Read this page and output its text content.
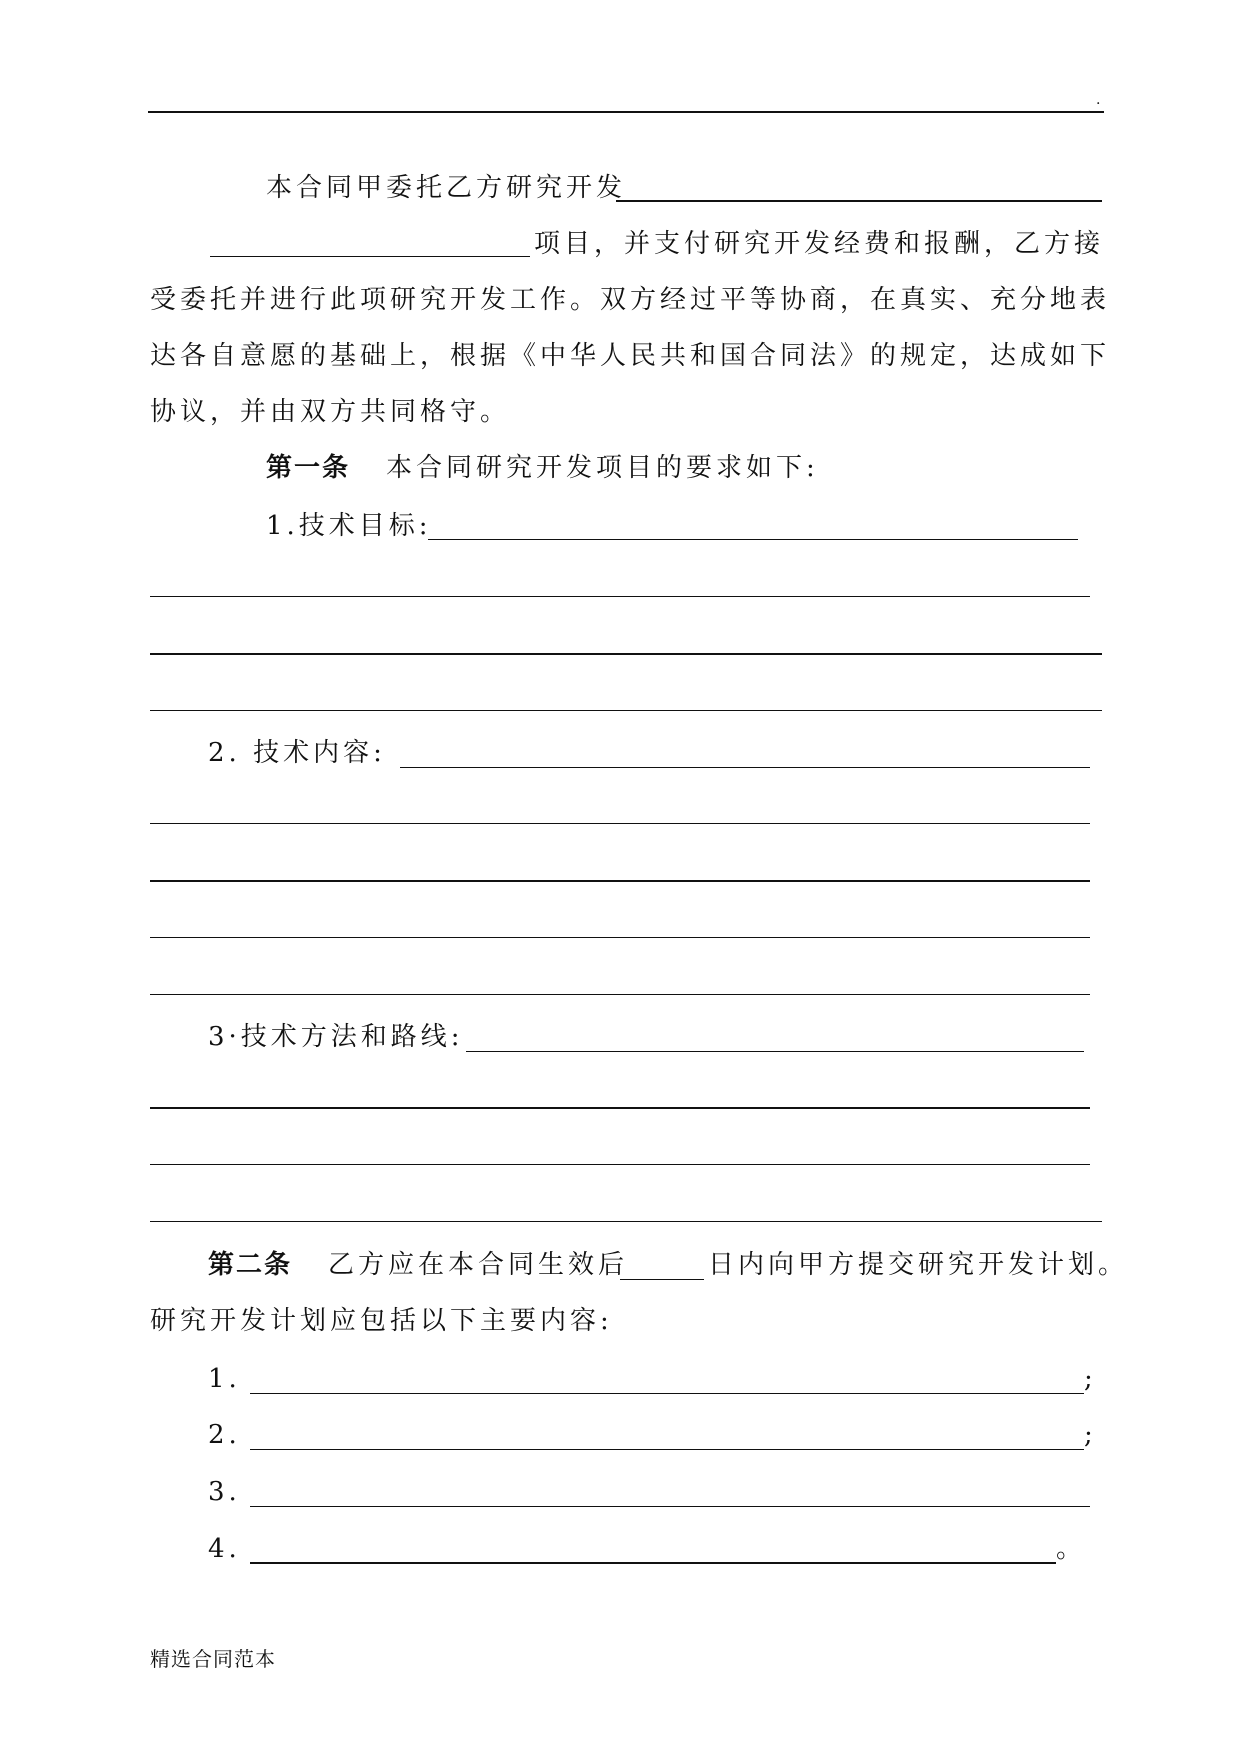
.
本合同甲委托乙方研究开发
项目，并支付研究开发经费和报酬，乙方接
受委托并进行此项研究开发工作。双方经过平等协商，在真实、充分地表
达各自意愿的基础上，根据《中华人民共和国合同法》的规定，达成如下
协议，并由双方共同格守。
第一条 本合同研究开发项目的要求如下:
1.技术目标:
2. 技术内容:
3·技术方法和路线:
第二条 乙方应在本合同生效后	日内向甲方提交研究开发计划。
研究开发计划应包括以下主要内容:
1.	;
2.	;
3.
4.	。
精选合同范本
